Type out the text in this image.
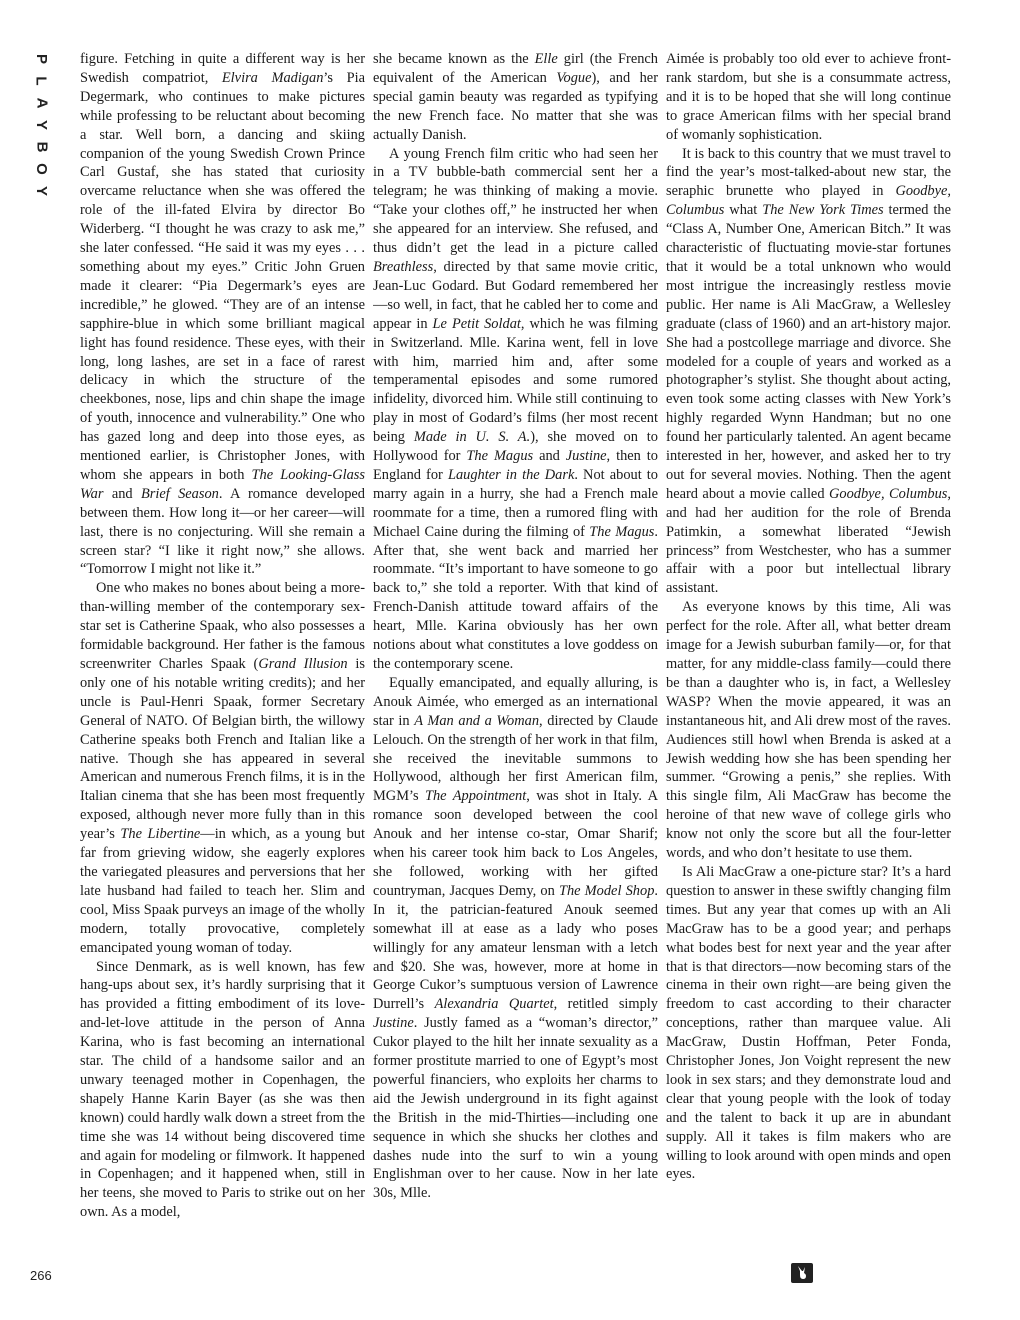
P
L
A
Y
B
O
Y
266

figure. Fetching in quite a different way is her Swedish compatriot, Elvira Madigan’s Pia Degermark, who continues to make pictures while professing to be reluctant about becoming a star. Well born, a dancing and skiing companion of the young Swedish Crown Prince Carl Gustaf, she has stated that curiosity overcame reluctance when she was offered the role of the ill-fated Elvira by director Bo Widerberg. “I thought he was crazy to ask me,” she later confessed. “He said it was my eyes . . . something about my eyes.” Critic John Gruen made it clearer: “Pia Degermark’s eyes are incredible,” he glowed. “They are of an intense sapphire-blue in which some brilliant magical light has found residence. These eyes, with their long, long lashes, are set in a face of rarest delicacy in which the structure of the cheekbones, nose, lips and chin shape the image of youth, innocence and vulnerability.” One who has gazed long and deep into those eyes, as mentioned earlier, is Christopher Jones, with whom she appears in both The Looking-Glass War and Brief Season. A romance developed between them. How long it—or her career—will last, there is no conjecturing. Will she remain a screen star? “I like it right now,” she allows. “Tomorrow I might not like it.”

One who makes no bones about being a more-than-willing member of the contemporary sex-star set is Catherine Spaak, who also possesses a formidable background. Her father is the famous screenwriter Charles Spaak (Grand Illusion is only one of his notable writing credits); and her uncle is Paul-Henri Spaak, former Secretary General of NATO. Of Belgian birth, the willowy Catherine speaks both French and Italian like a native. Though she has appeared in several American and numerous French films, it is in the Italian cinema that she has been most frequently exposed, although never more fully than in this year’s The Libertine—in which, as a young but far from grieving widow, she eagerly explores the variegated pleasures and perversions that her late husband had failed to teach her. Slim and cool, Miss Spaak purveys an image of the wholly modern, totally provocative, completely emancipated young woman of today.

Since Denmark, as is well known, has few hang-ups about sex, it’s hardly surprising that it has provided a fitting embodiment of its love-and-let-love attitude in the person of Anna Karina, who is fast becoming an international star. The child of a handsome sailor and an unwary teenaged mother in Copenhagen, the shapely Hanne Karin Bayer (as she was then known) could hardly walk down a street from the time she was 14 without being discovered time and again for modeling or filmwork. It happened in Copenhagen; and it happened when, still in her teens, she moved to Paris to strike out on her own. As a model,

she became known as the Elle girl (the French equivalent of the American Vogue), and her special gamin beauty was regarded as typifying the new French face. No matter that she was actually Danish.

A young French film critic who had seen her in a TV bubble-bath commercial sent her a telegram; he was thinking of making a movie. “Take your clothes off,” he instructed her when she appeared for an interview. She refused, and thus didn’t get the lead in a picture called Breathless, directed by that same movie critic, Jean-Luc Godard. But Godard remembered her—so well, in fact, that he cabled her to come and appear in Le Petit Soldat, which he was filming in Switzerland. Mlle. Karina went, fell in love with him, married him and, after some temperamental episodes and some rumored infidelity, divorced him. While still continuing to play in most of Godard’s films (her most recent being Made in U. S. A.), she moved on to Hollywood for The Magus and Justine, then to England for Laughter in the Dark. Not about to marry again in a hurry, she had a French male roommate for a time, then a rumored fling with Michael Caine during the filming of The Magus. After that, she went back and married her roommate. “It’s important to have someone to go back to,” she told a reporter. With that kind of French-Danish attitude toward affairs of the heart, Mlle. Karina obviously has her own notions about what constitutes a love goddess on the contemporary scene.

Equally emancipated, and equally alluring, is Anouk Aimée, who emerged as an international star in A Man and a Woman, directed by Claude Lelouch. On the strength of her work in that film, she received the inevitable summons to Hollywood, although her first American film, MGM’s The Appointment, was shot in Italy. A romance soon developed between the cool Anouk and her intense co-star, Omar Sharif; when his career took him back to Los Angeles, she followed, working with her gifted countryman, Jacques Demy, on The Model Shop. In it, the patrician-featured Anouk seemed somewhat ill at ease as a lady who poses willingly for any amateur lensman with a letch and $20. She was, however, more at home in George Cukor’s sumptuous version of Lawrence Durrell’s Alexandria Quartet, retitled simply Justine. Justly famed as a “woman’s director,” Cukor played to the hilt her innate sexuality as a former prostitute married to one of Egypt’s most powerful financiers, who exploits her charms to aid the Jewish underground in its fight against the British in the mid-Thirties—including one sequence in which she shucks her clothes and dashes nude into the surf to win a young Englishman over to her cause. Now in her late 30s, Mlle.

Aimée is probably too old ever to achieve front-rank stardom, but she is a consummate actress, and it is to be hoped that she will long continue to grace American films with her special brand of womanly sophistication.

It is back to this country that we must travel to find the year’s most-talked-about new star, the seraphic brunette who played in Goodbye, Columbus what The New York Times termed the “Class A, Number One, American Bitch.” It was characteristic of fluctuating movie-star fortunes that it would be a total unknown who would most intrigue the increasingly restless movie public. Her name is Ali MacGraw, a Wellesley graduate (class of 1960) and an art-history major. She had a postcollege marriage and divorce. She modeled for a couple of years and worked as a photographer’s stylist. She thought about acting, even took some acting classes with New York’s highly regarded Wynn Handman; but no one found her particularly talented. An agent became interested in her, however, and asked her to try out for several movies. Nothing. Then the agent heard about a movie called Goodbye, Columbus, and had her audition for the role of Brenda Patimkin, a somewhat liberated “Jewish princess” from Westchester, who has a summer affair with a poor but intellectual library assistant.

As everyone knows by this time, Ali was perfect for the role. After all, what better dream image for a Jewish suburban family—or, for that matter, for any middle-class family—could there be than a daughter who is, in fact, a Wellesley WASP? When the movie appeared, it was an instantaneous hit, and Ali drew most of the raves. Audiences still howl when Brenda is asked at a Jewish wedding how she has been spending her summer. “Growing a penis,” she replies. With this single film, Ali MacGraw has become the heroine of that new wave of college girls who know not only the score but all the four-letter words, and who don’t hesitate to use them.

Is Ali MacGraw a one-picture star? It’s a hard question to answer in these swiftly changing film times. But any year that comes up with an Ali MacGraw has to be a good year; and perhaps what bodes best for next year and the year after that is that directors—now becoming stars of the cinema in their own right—are being given the freedom to cast according to their character conceptions, rather than marquee value. Ali MacGraw, Dustin Hoffman, Peter Fonda, Christopher Jones, Jon Voight represent the new look in sex stars; and they demonstrate loud and clear that young people with the look of today and the talent to back it up are in abundant supply. All it takes is film makers who are willing to look around with open minds and open eyes.
